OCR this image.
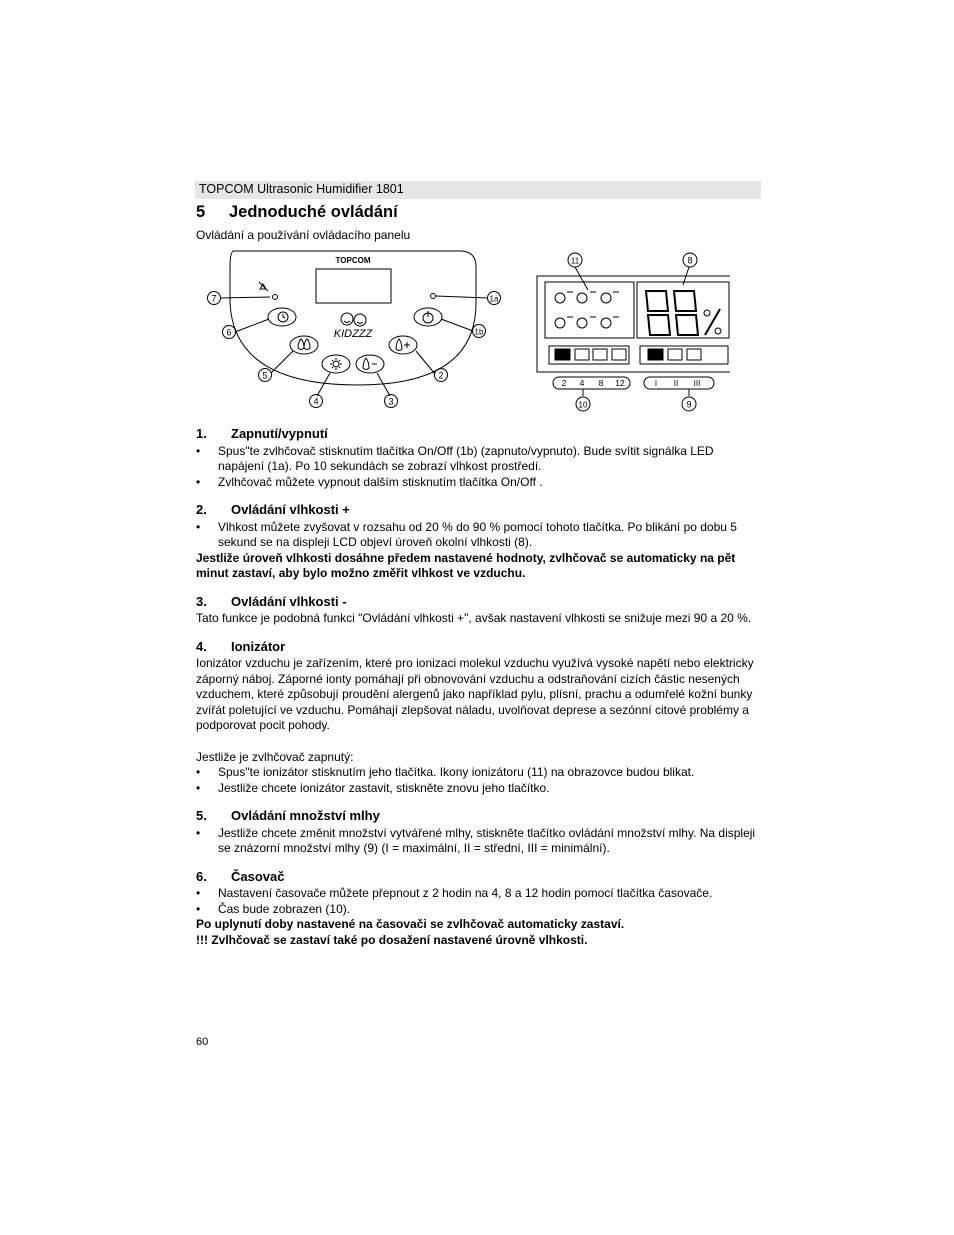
TOPCOM Ultrasonic Humidifier 1801
5 Jednoduché ovládání
Ovládání a používání ovládacího panelu
TOPCOM
KIDZZZ
7
6
5
4	3
2
1a
1b
11	8
10	9
2 4 8 12	I II III
1. Zapnutí/vypnutí
• Spus"te zvlhčovač stisknutím tlačítka On/Off (1b) (zapnuto/vypnuto). Bude svítit signálka LED napájení (1a). Po 10 sekundách se zobrazí vlhkost prostředí.
• Zvlhčovač můžete vypnout dalším stisknutím tlačítka On/Off .
2. Ovládání vlhkosti +
• Vlhkost můžete zvyšovat v rozsahu od 20 % do 90 % pomocí tohoto tlačítka. Po blikání po dobu 5 sekund se na displeji LCD objeví úroveň okolní vlhkosti (8).
Jestliže úroveň vlhkosti dosáhne předem nastavené hodnoty, zvlhčovač se automaticky na pět minut zastaví, aby bylo možno změřit vlhkost ve vzduchu.
3. Ovládání vlhkosti -
Tato funkce je podobná funkci "Ovládání vlhkosti +", avšak nastavení vlhkosti se snižuje mezi 90 a 20 %.
4. Ionizátor
Ionizátor vzduchu je zařízením, které pro ionizaci molekul vzduchu využívá vysoké napětí nebo elektricky záporný náboj. Záporné ionty pomáhají při obnovování vzduchu a odstraňování cizích částic nesených vzduchem, které způsobují proudění alergenů jako například pylu, plísní, prachu a odumřelé kožní bunky zvířát poletující ve vzduchu. Pomáhají zlepšovat náladu, uvolňovat deprese a sezónní citové problémy a podporovat pocit pohody.
Jestliže je zvlhčovač zapnutý:
• Spus"te ionizátor stisknutím jeho tlačítka. Ikony ionizátoru (11) na obrazovce budou blikat.
• Jestliže chcete ionizátor zastavit, stiskněte znovu jeho tlačítko.
5. Ovládání množství mlhy
• Jestliže chcete změnit množství vytvářené mlhy, stiskněte tlačítko ovládání množství mlhy. Na displeji se znázorní množství mlhy (9) (I = maximální, II = střední, III = minimální).
6. Časovač
• Nastavení časovače můžete přepnout z 2 hodin na 4, 8 a 12 hodin pomocí tlačítka časovače.
• Čas bude zobrazen (10).
Po uplynutí doby nastavené na časovači se zvlhčovač automaticky zastaví.
!!! Zvlhčovač se zastaví také po dosažení nastavené úrovně vlhkosti.
60
